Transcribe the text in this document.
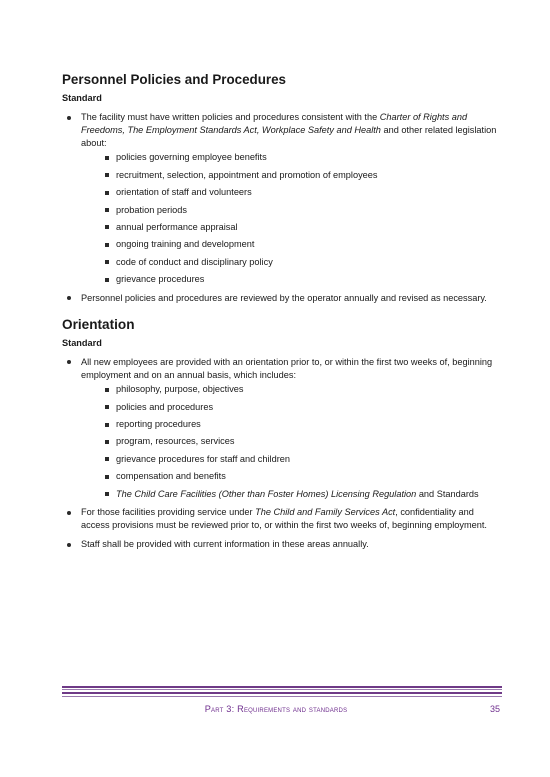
Personnel Policies and Procedures
Standard
The facility must have written policies and procedures consistent with the Charter of Rights and Freedoms, The Employment Standards Act, Workplace Safety and Health and other related legislation about:
policies governing employee benefits
recruitment, selection, appointment and promotion of employees
orientation of staff and volunteers
probation periods
annual performance appraisal
ongoing training and development
code of conduct and disciplinary policy
grievance procedures
Personnel policies and procedures are reviewed by the operator annually and revised as necessary.
Orientation
Standard
All new employees are provided with an orientation prior to, or within the first two weeks of, beginning employment and on an annual basis, which includes:
philosophy, purpose, objectives
policies and procedures
reporting procedures
program, resources, services
grievance procedures for staff and children
compensation and benefits
The Child Care Facilities (Other than Foster Homes) Licensing Regulation and Standards
For those facilities providing service under The Child and Family Services Act, confidentiality and access provisions must be reviewed prior to, or within the first two weeks of, beginning employment.
Staff shall be provided with current information in these areas annually.
Part 3: Requirements and standards	35
